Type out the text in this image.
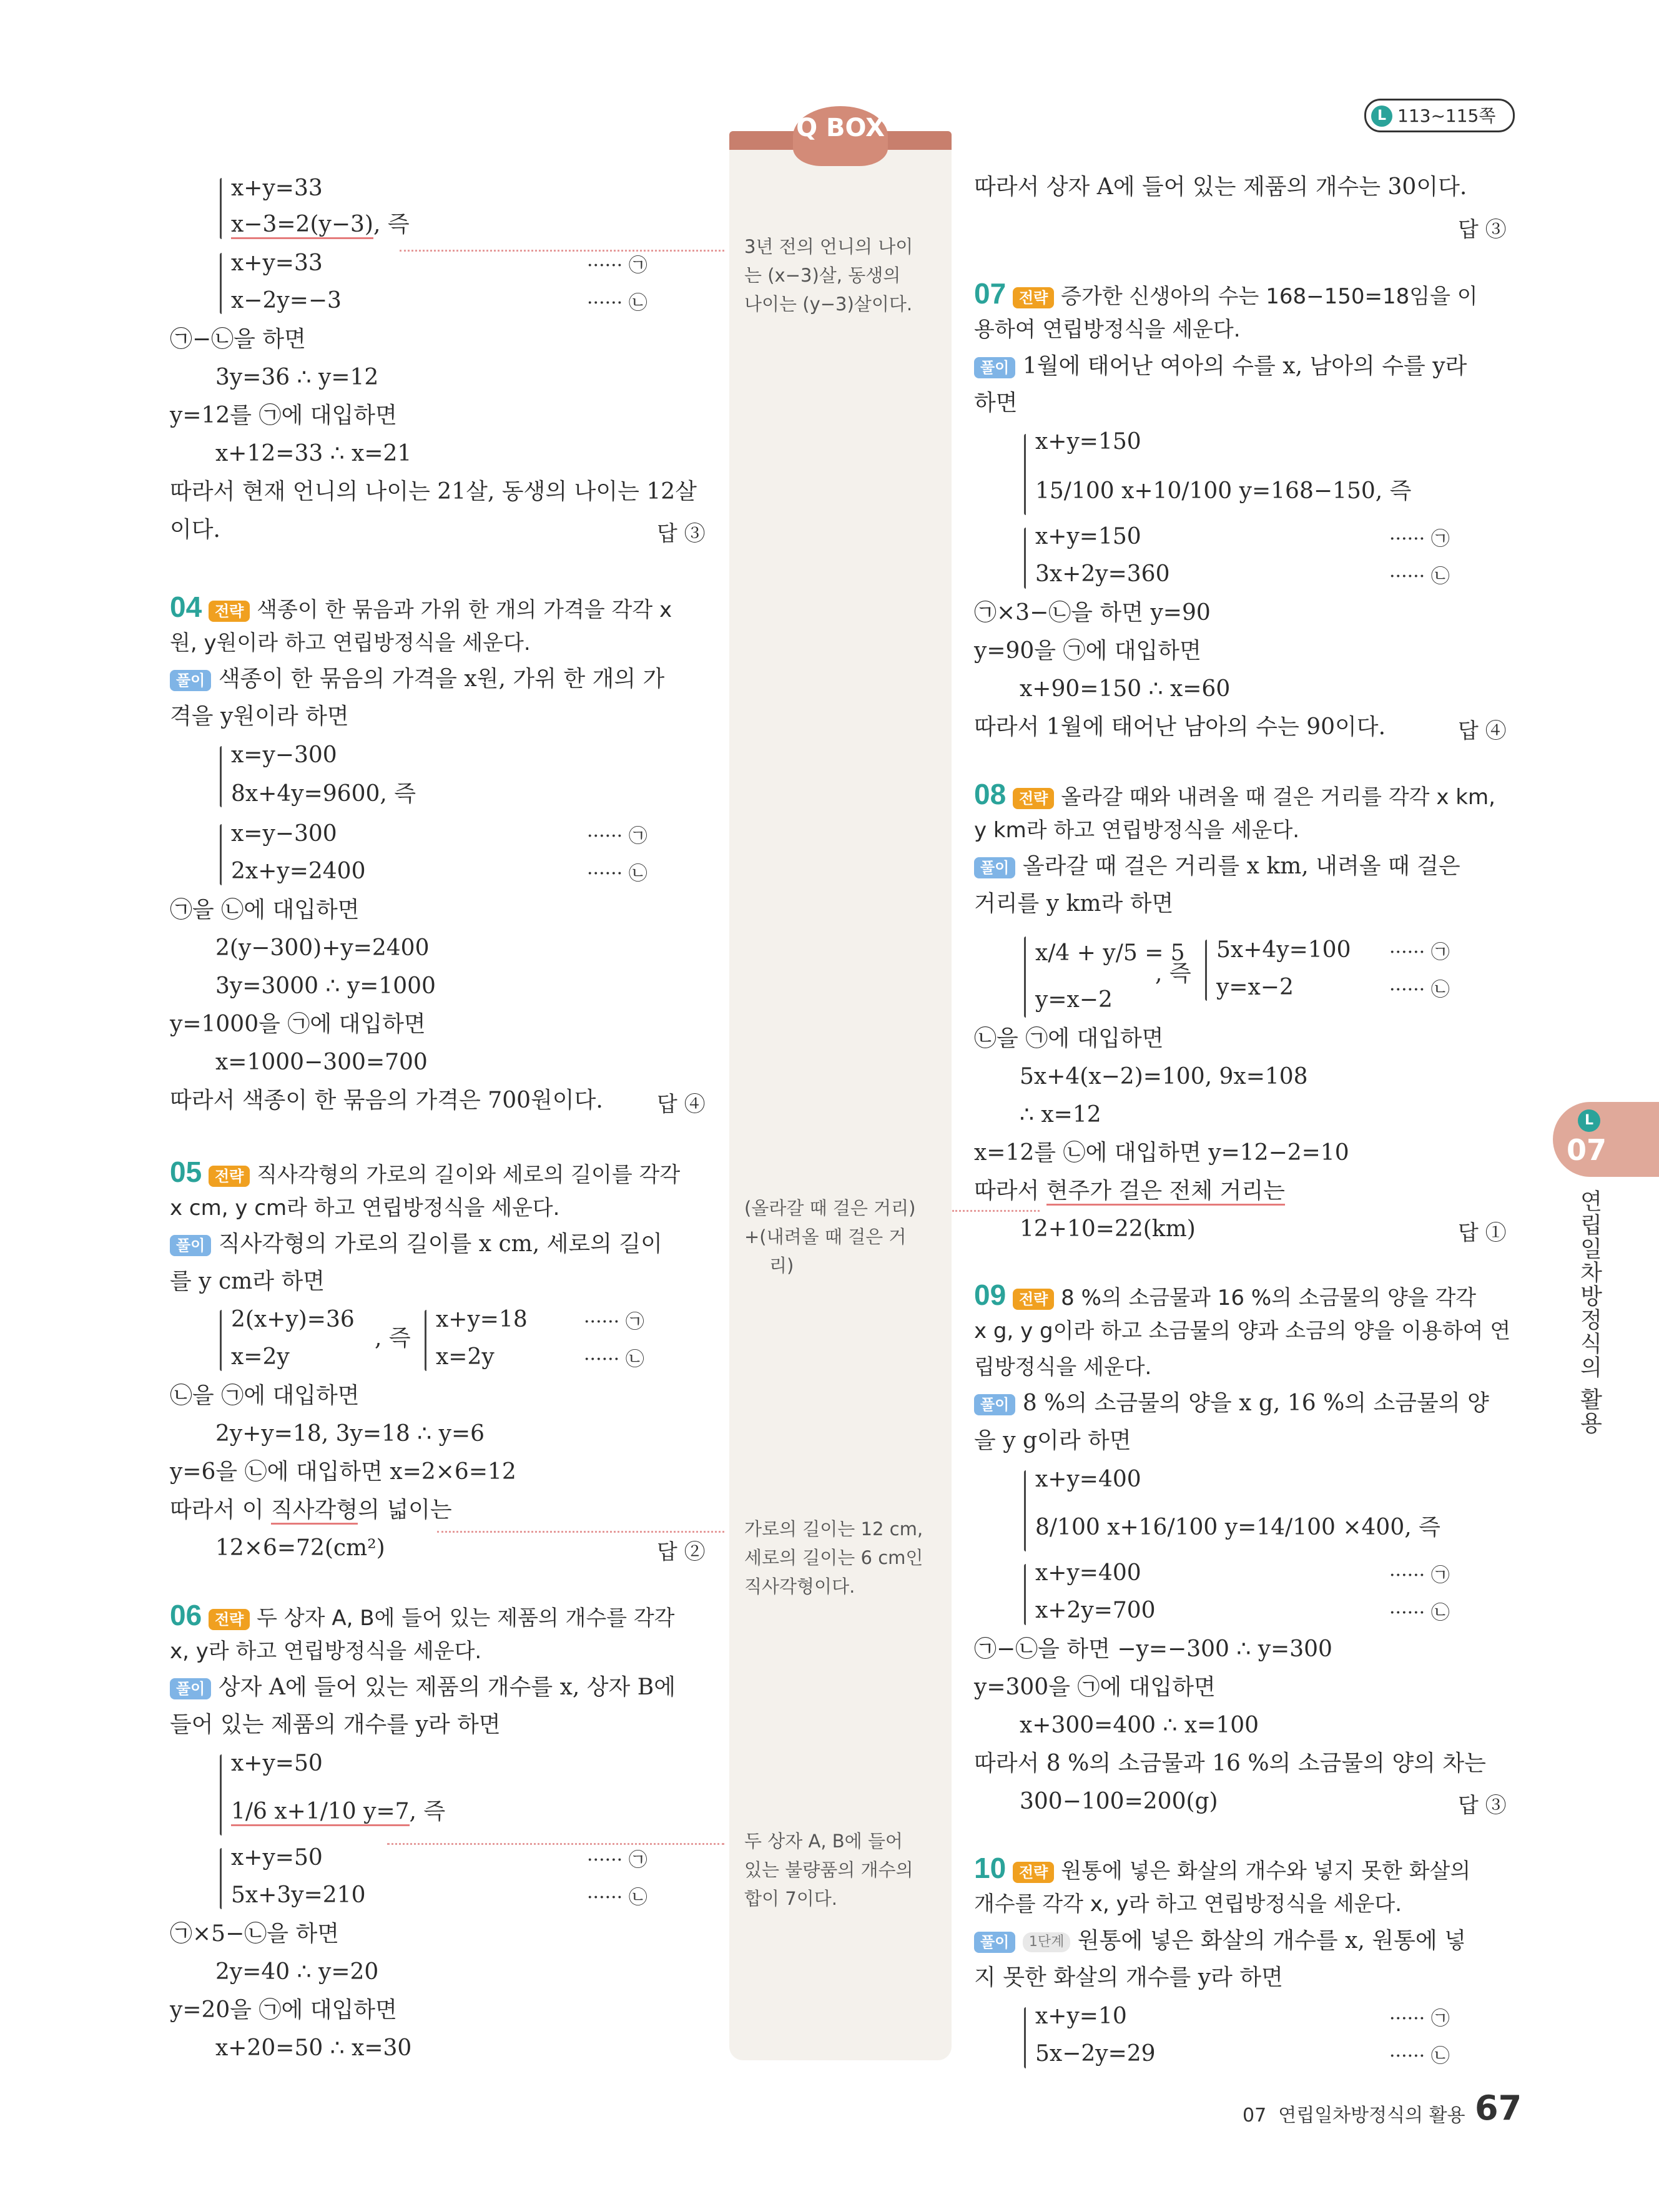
L 113~115쪽
Q BOX
L
07
연립일차방정식의 활용
x+y=33
x−3=2(y−3), 즉
x+y=33	······ ㉠
x−2y=−3	······ ㉡
㉠−㉡을 하면
3y=36 ∴ y=12
y=12를 ㉠에 대입하면
x+12=33 ∴ x=21
따라서 현재 언니의 나이는 21살, 동생의 나이는 12살
이다.	답 ③
04 전략 색종이 한 묶음과 가위 한 개의 가격을 각각 x
원, y원이라 하고 연립방정식을 세운다.
풀이 색종이 한 묶음의 가격을 x원, 가위 한 개의 가
격을 y원이라 하면
x=y−300
8x+4y=9600, 즉
x=y−300	······ ㉠
2x+y=2400	······ ㉡
㉠을 ㉡에 대입하면
2(y−300)+y=2400
3y=3000 ∴ y=1000
y=1000을 ㉠에 대입하면
x=1000−300=700
따라서 색종이 한 묶음의 가격은 700원이다.	답 ④
05 전략 직사각형의 가로의 길이와 세로의 길이를 각각
x cm, y cm라 하고 연립방정식을 세운다.
풀이 직사각형의 가로의 길이를 x cm, 세로의 길이
를 y cm라 하면
2(x+y)=36
x=2y
, 즉
x+y=18	······ ㉠
x=2y	······ ㉡
㉡을 ㉠에 대입하면
2y+y=18, 3y=18 ∴ y=6
y=6을 ㉡에 대입하면 x=2×6=12
따라서 이 직사각형의 넓이는
12×6=72(cm²)	답 ②
06 전략 두 상자 A, B에 들어 있는 제품의 개수를 각각
x, y라 하고 연립방정식을 세운다.
풀이 상자 A에 들어 있는 제품의 개수를 x, 상자 B에
들어 있는 제품의 개수를 y라 하면
x+y=50
1/6 x+1/10 y=7, 즉
x+y=50	······ ㉠
5x+3y=210	······ ㉡
㉠×5−㉡을 하면
2y=40 ∴ y=20
y=20을 ㉠에 대입하면
x+20=50 ∴ x=30
3년 전의 언니의 나이
는 (x−3)살, 동생의
나이는 (y−3)살이다.
(올라갈 때 걸은 거리)
+(내려올 때 걸은 거
리)
가로의 길이는 12 cm,
세로의 길이는 6 cm인
직사각형이다.
두 상자 A, B에 들어
있는 불량품의 개수의
합이 7이다.
따라서 상자 A에 들어 있는 제품의 개수는 30이다.
답 ③
07 전략 증가한 신생아의 수는 168−150=18임을 이
용하여 연립방정식을 세운다.
풀이 1월에 태어난 여아의 수를 x, 남아의 수를 y라
하면
x+y=150
15/100 x+10/100 y=168−150, 즉
x+y=150	······ ㉠
3x+2y=360	······ ㉡
㉠×3−㉡을 하면 y=90
y=90을 ㉠에 대입하면
x+90=150 ∴ x=60
따라서 1월에 태어난 남아의 수는 90이다.	답 ④
08 전략 올라갈 때와 내려올 때 걸은 거리를 각각 x km,
y km라 하고 연립방정식을 세운다.
풀이 올라갈 때 걸은 거리를 x km, 내려올 때 걸은
거리를 y km라 하면
x/4 + y/5 = 5
y=x−2
, 즉
5x+4y=100 ······ ㉠
y=x−2	······ ㉡
㉡을 ㉠에 대입하면
5x+4(x−2)=100, 9x=108
∴ x=12
x=12를 ㉡에 대입하면 y=12−2=10
따라서 현주가 걸은 전체 거리는
12+10=22(km)	답 ①
09 전략 8 %의 소금물과 16 %의 소금물의 양을 각각
x g, y g이라 하고 소금물의 양과 소금의 양을 이용하여 연
립방정식을 세운다.
풀이 8 %의 소금물의 양을 x g, 16 %의 소금물의 양
을 y g이라 하면
x+y=400
8/100 x+16/100 y=14/100 ×400, 즉
x+y=400	······ ㉠
x+2y=700	······ ㉡
㉠−㉡을 하면 −y=−300 ∴ y=300
y=300을 ㉠에 대입하면
x+300=400 ∴ x=100
따라서 8 %의 소금물과 16 %의 소금물의 양의 차는
300−100=200(g)	답 ③
10 전략 원통에 넣은 화살의 개수와 넣지 못한 화살의
개수를 각각 x, y라 하고 연립방정식을 세운다.
풀이 1단계 원통에 넣은 화살의 개수를 x, 원통에 넣
지 못한 화살의 개수를 y라 하면
x+y=10	······ ㉠
5x−2y=29	······ ㉡
07  연립일차방정식의 활용 67
